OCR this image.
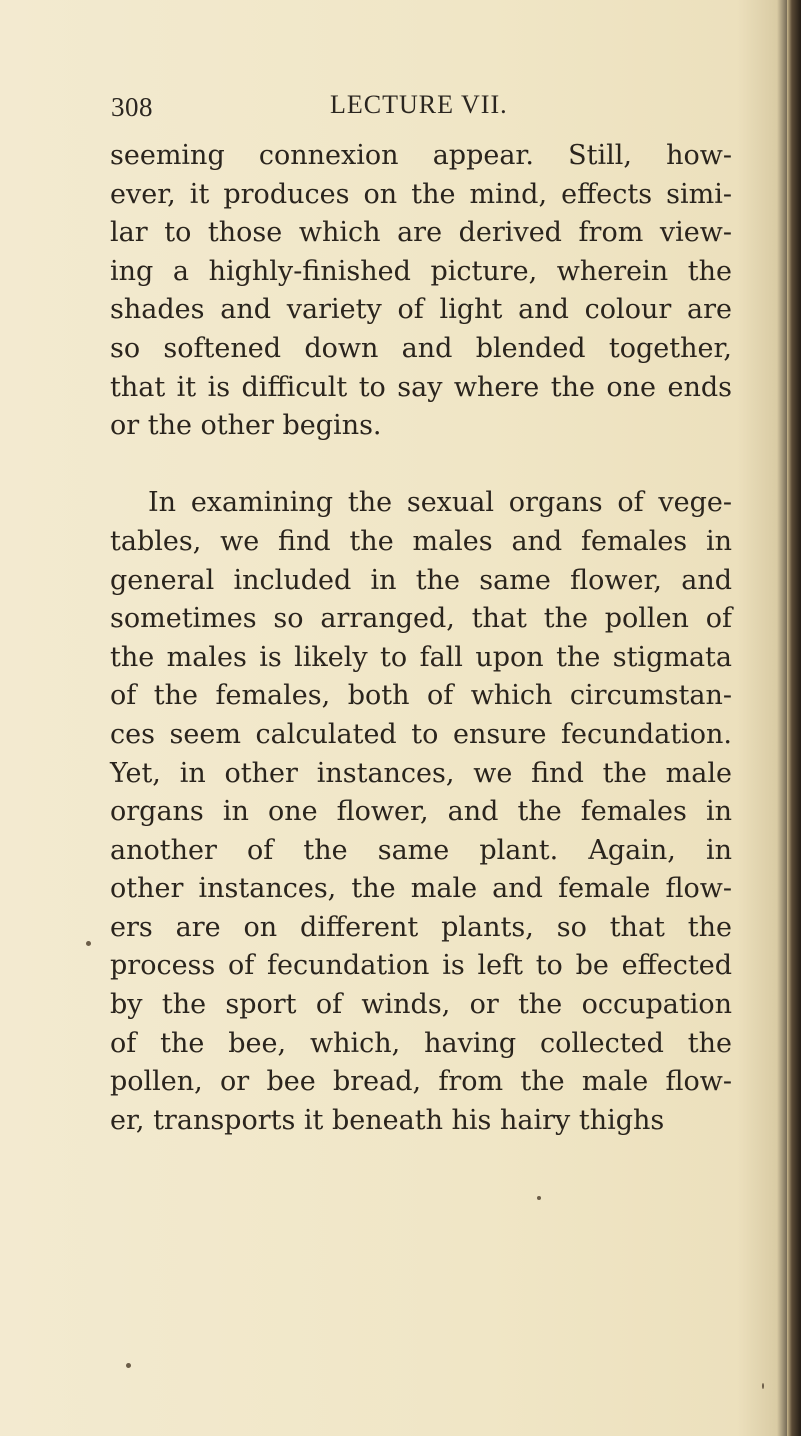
308	LECTURE VII.
seeming connexion appear. Still, how-
ever, it produces on the mind, effects simi-
lar to those which are derived from view-
ing a highly-finished picture, wherein the
shades and variety of light and colour are
so softened down and blended together,
that it is difficult to say where the one ends
or the other begins.
In examining the sexual organs of vege-
tables, we find the males and females in
general included in the same flower, and
sometimes so arranged, that the pollen of
the males is likely to fall upon the stigmata
of the females, both of which circumstan-
ces seem calculated to ensure fecundation.
Yet, in other instances, we find the male
organs in one flower, and the females in
another of the same plant. Again, in
other instances, the male and female flow-
ers are on different plants, so that the
process of fecundation is left to be effected
by the sport of winds, or the occupation
of the bee, which, having collected the
pollen, or bee bread, from the male flow-
er, transports it beneath his hairy thighs
